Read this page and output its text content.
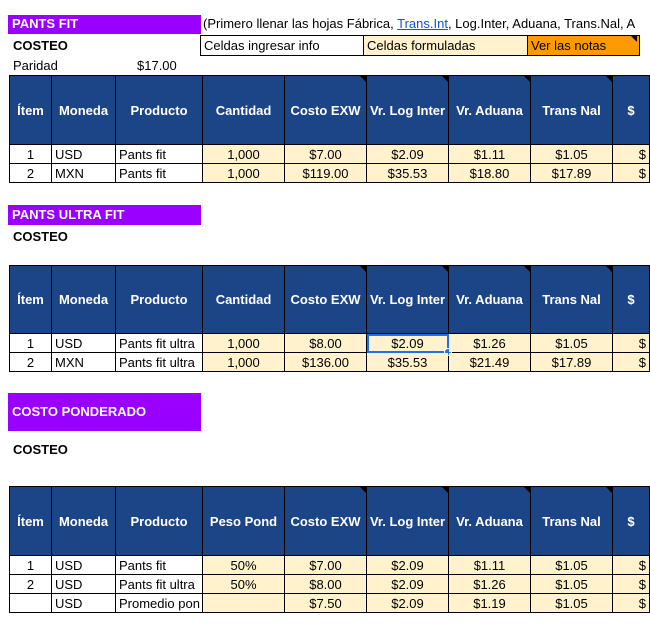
PANTS FIT	(Primero llenar las hojas Fábrica, Trans.Int, Log.Inter, Aduana, Trans.Nal, A
COSTEO	Celdas ingresar info	Celdas formuladas	Ver las notas
Paridad	$17.00
Ítem	Moneda	Producto	Cantidad	Costo EXW	Vr. Log Inter	Vr. Aduana	Trans Nal	$
1	USD	Pants fit	1,000	$7.00	$2.09	$1.11	$1.05	$
2	MXN	Pants fit	1,000	$119.00	$35.53	$18.80	$17.89	$
PANTS ULTRA FIT
COSTEO
Ítem	Moneda	Producto	Cantidad	Costo EXW	Vr. Log Inter	Vr. Aduana	Trans Nal	$
1	USD	Pants fit ultra	1,000	$8.00	$2.09	$1.26	$1.05	$
2	MXN	Pants fit ultra	1,000	$136.00	$35.53	$21.49	$17.89	$
COSTO PONDERADO
COSTEO
Ítem	Moneda	Producto	Peso Pond	Costo EXW	Vr. Log Inter	Vr. Aduana	Trans Nal	$
1	USD	Pants fit	50%	$7.00	$2.09	$1.11	$1.05	$
2	USD	Pants fit ultra	50%	$8.00	$2.09	$1.26	$1.05	$
	USD	Promedio pon		$7.50	$2.09	$1.19	$1.05	$
